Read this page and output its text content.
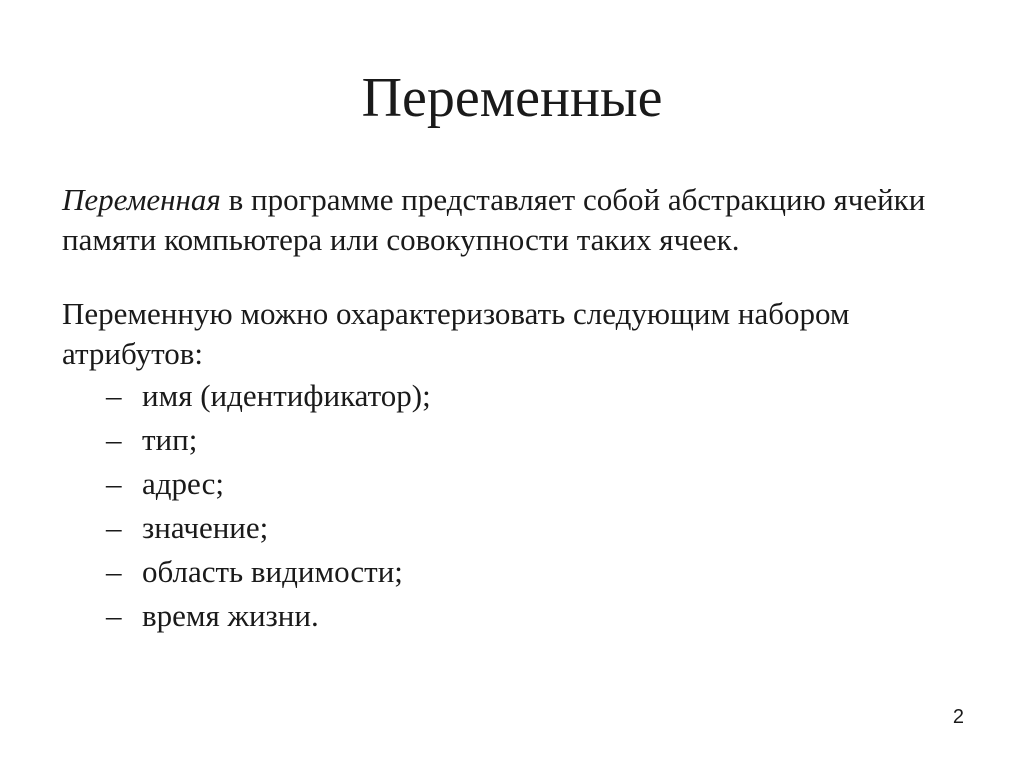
Переменные

Переменная в программе представляет собой абстракцию ячейки памяти компьютера или совокупности таких ячеек.

Переменную можно охарактеризовать следующим набором атрибутов:

– имя (идентификатор);
– тип;
– адрес;
– значение;
– область видимости;
– время жизни.
2
